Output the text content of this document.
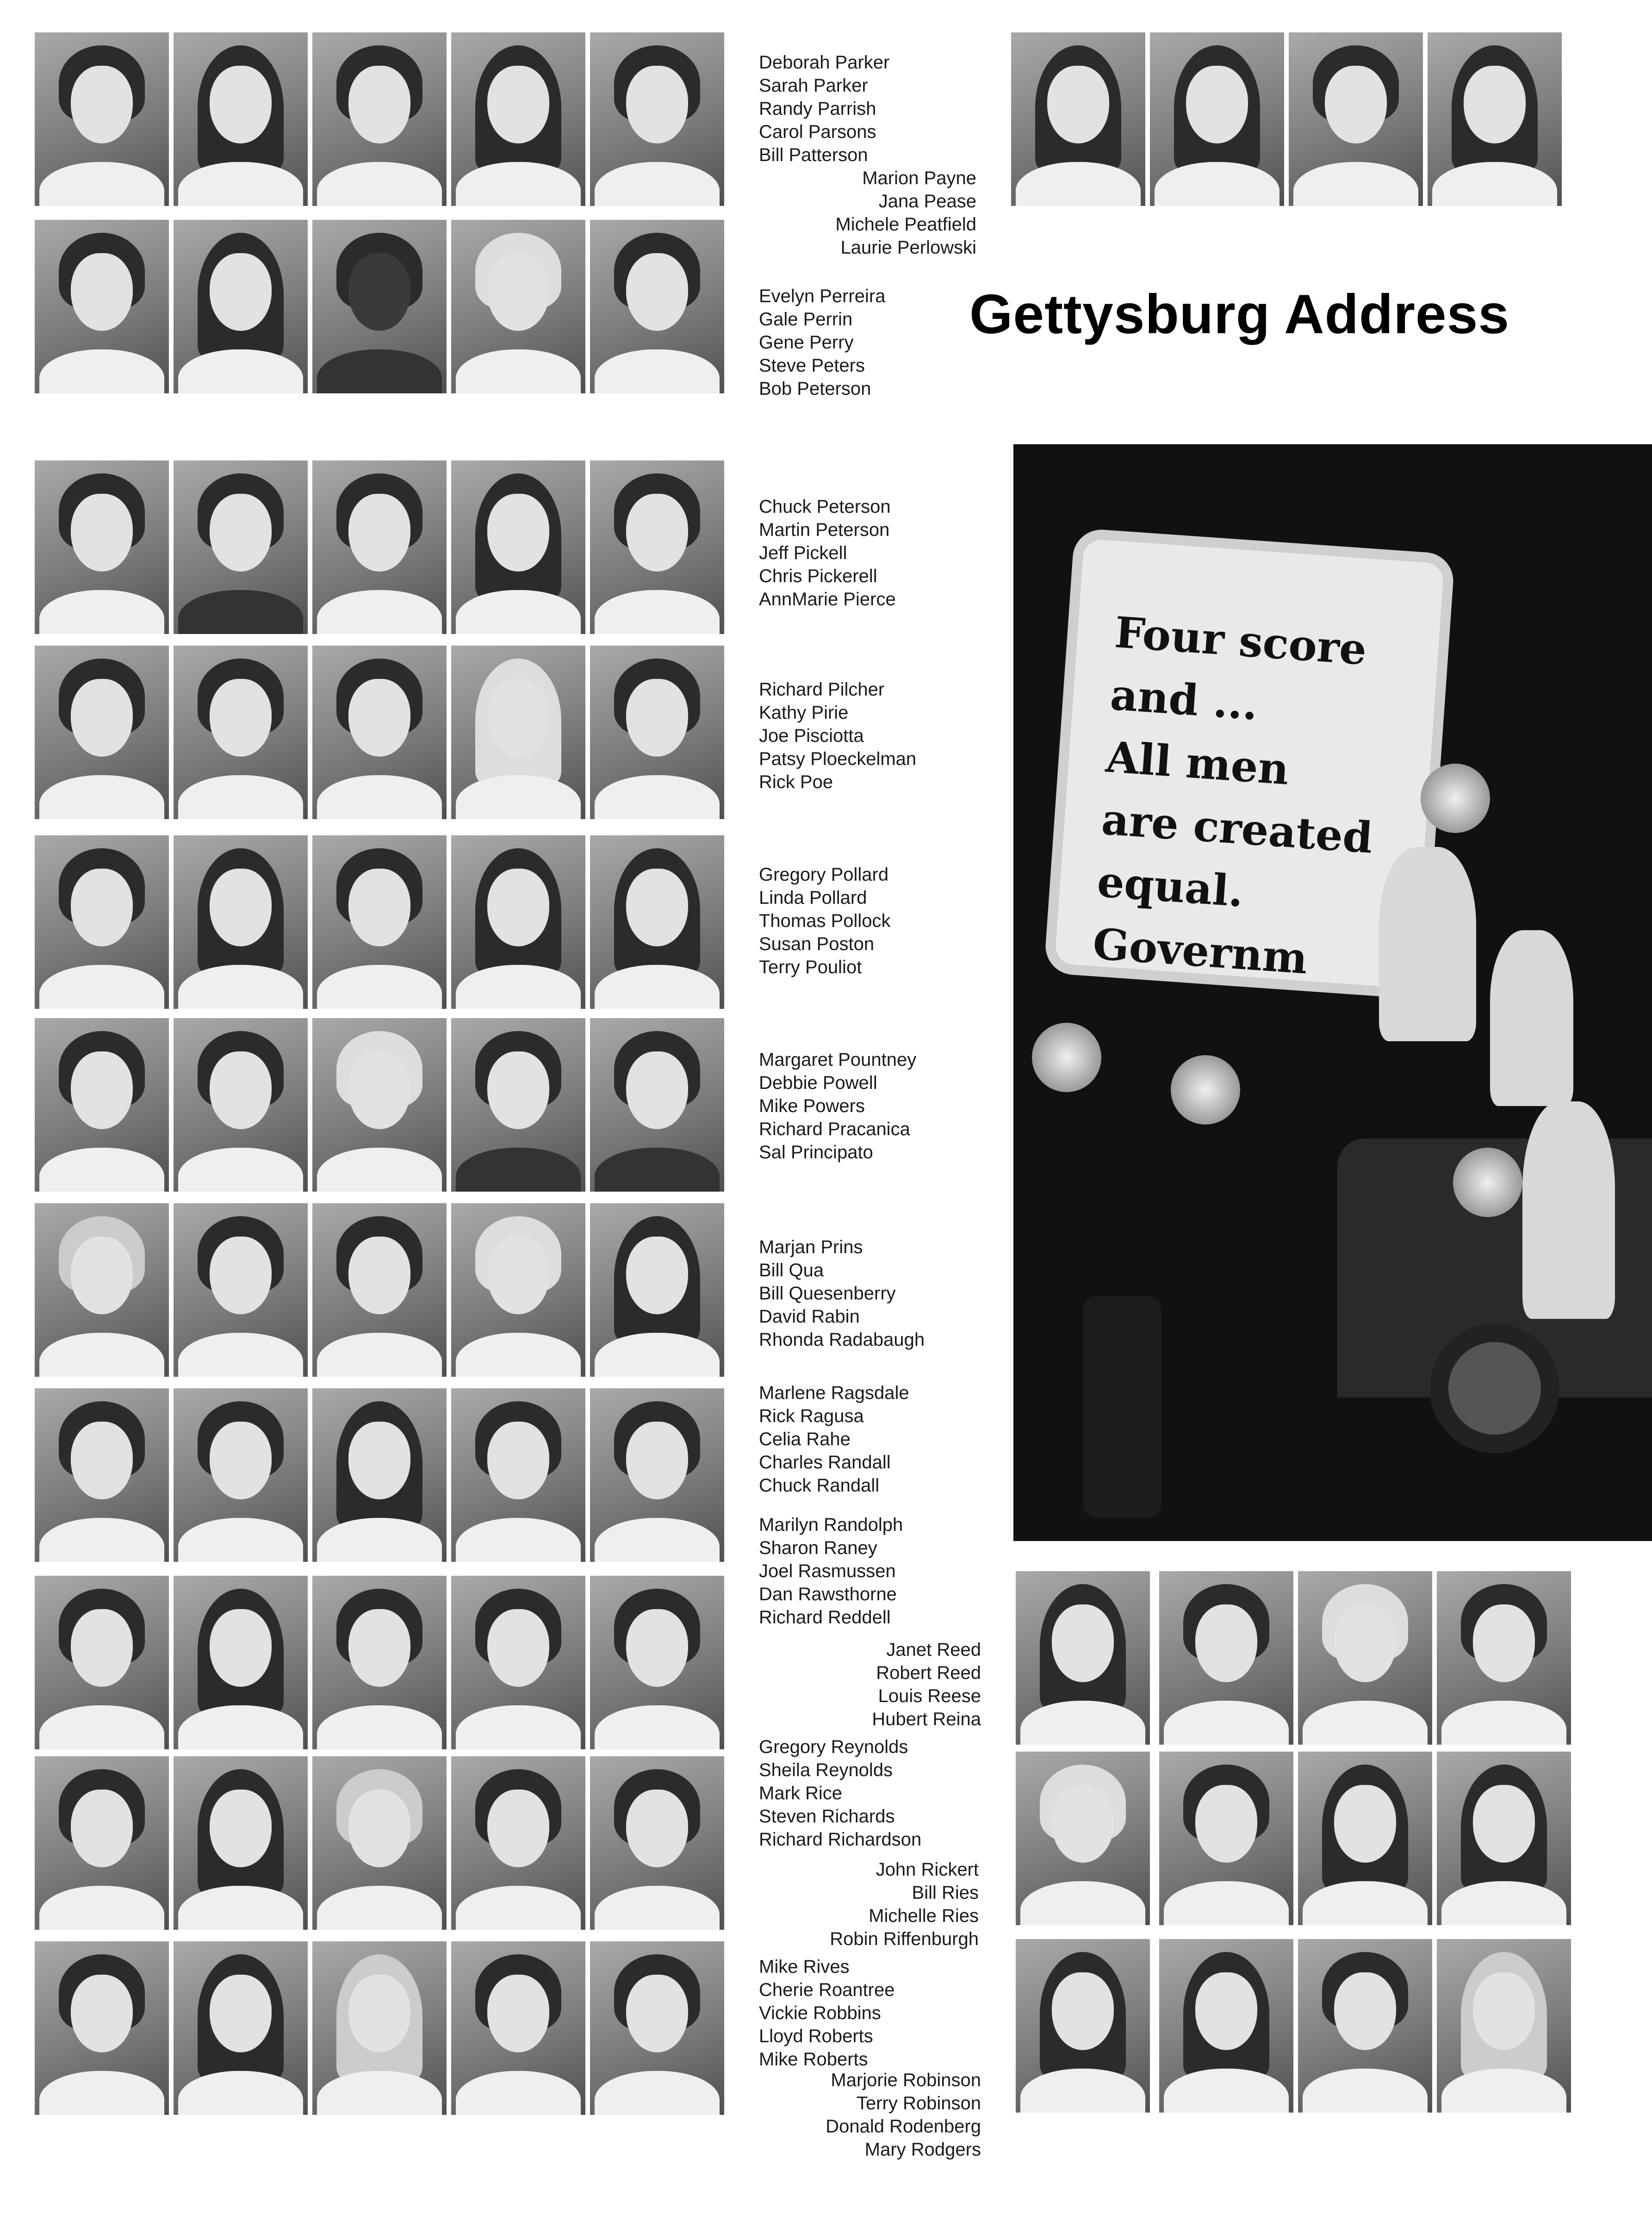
Gettysburg Address
Four score
and ...
All men
are created
equal.
Governm
o
Deborah Parker
Sarah Parker
Randy Parrish
Carol Parsons
Bill Patterson
Marion Payne
Jana Pease
Michele Peatfield
Laurie Perlowski
Evelyn Perreira
Gale Perrin
Gene Perry
Steve Peters
Bob Peterson
Chuck Peterson
Martin Peterson
Jeff Pickell
Chris Pickerell
AnnMarie Pierce
Richard Pilcher
Kathy Pirie
Joe Pisciotta
Patsy Ploeckelman
Rick Poe
Gregory Pollard
Linda Pollard
Thomas Pollock
Susan Poston
Terry Pouliot
Margaret Pountney
Debbie Powell
Mike Powers
Richard Pracanica
Sal Principato
Marjan Prins
Bill Qua
Bill Quesenberry
David Rabin
Rhonda Radabaugh
Marlene Ragsdale
Rick Ragusa
Celia Rahe
Charles Randall
Chuck Randall
Marilyn Randolph
Sharon Raney
Joel Rasmussen
Dan Rawsthorne
Richard Reddell
Janet Reed
Robert Reed
Louis Reese
Hubert Reina
Gregory Reynolds
Sheila Reynolds
Mark Rice
Steven Richards
Richard Richardson
John Rickert
Bill Ries
Michelle Ries
Robin Riffenburgh
Mike Rives
Cherie Roantree
Vickie Robbins
Lloyd Roberts
Mike Roberts
Marjorie Robinson
Terry Robinson
Donald Rodenberg
Mary Rodgers
